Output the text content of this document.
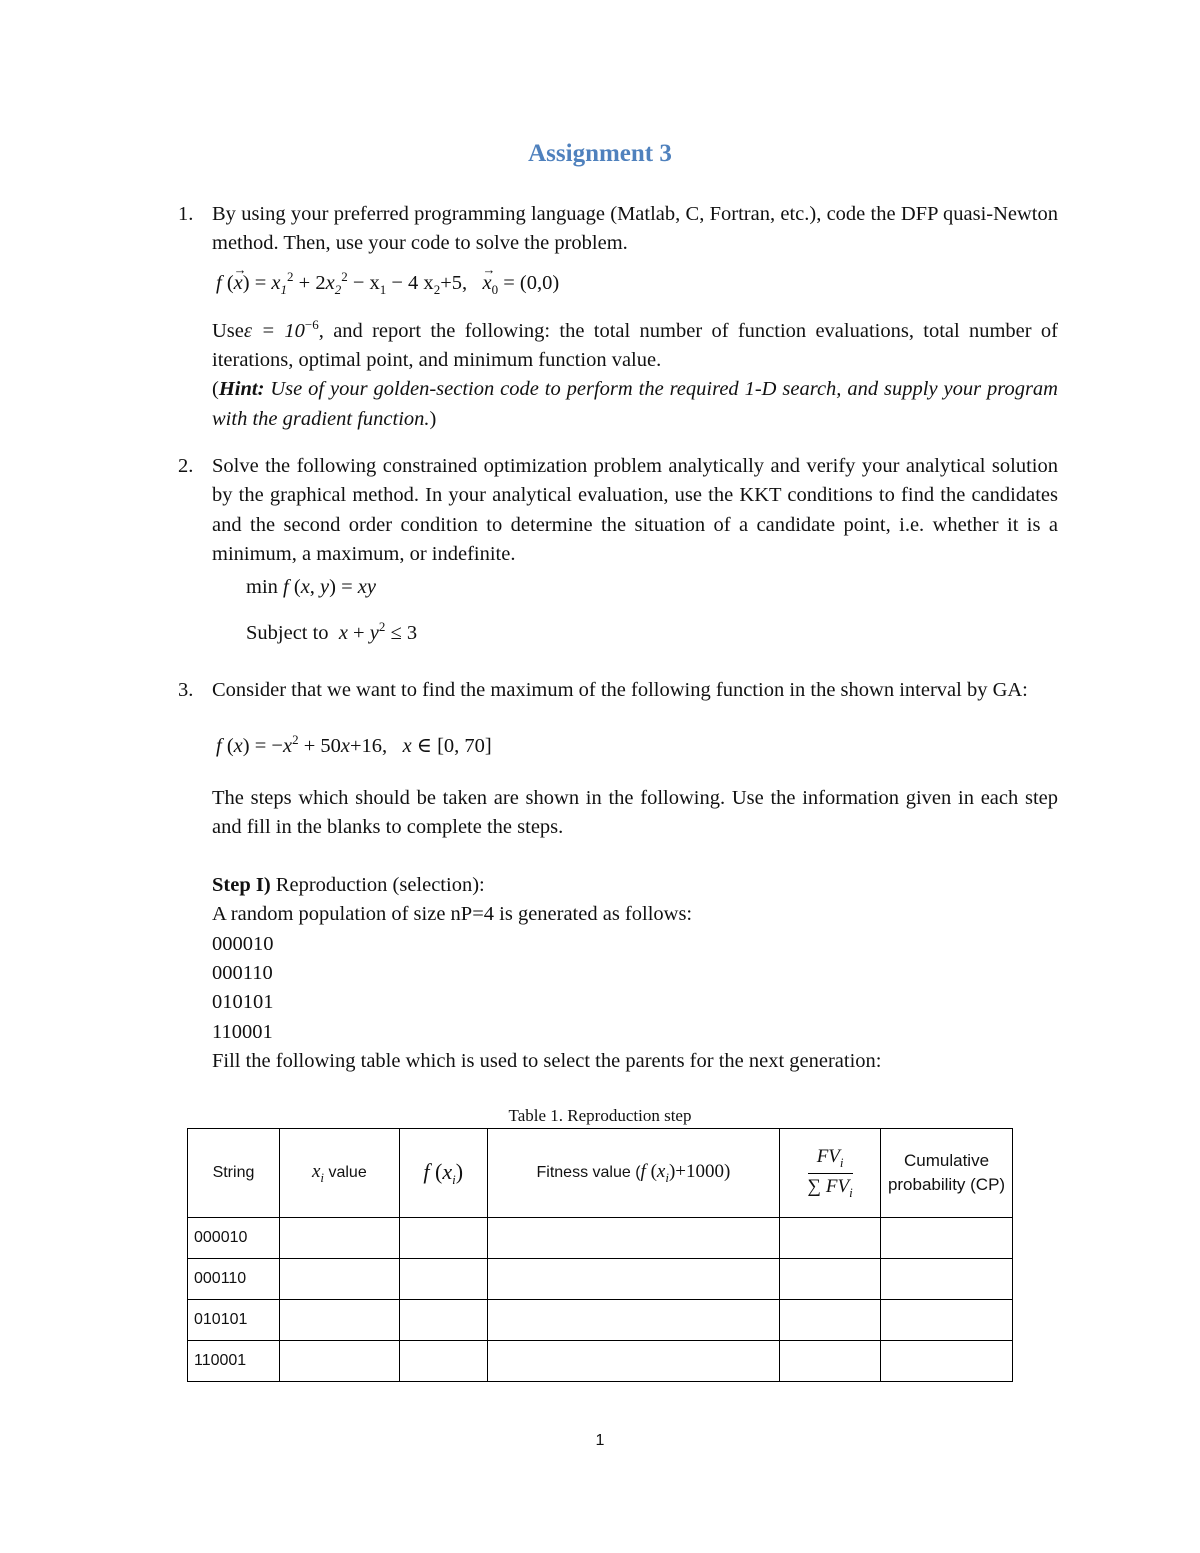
Assignment 3
1. By using your preferred programming language (Matlab, C, Fortran, etc.), code the DFP quasi-Newton method. Then, use your code to solve the problem.
f (→ $x) = x_1^2 + 2x_2^2 - x_1 - 4$ $x_2+5$, → $x_0 = (0,0)$
$Use\varepsilon = 10^{-6}$, and report the following: the total number of function evaluations, total number of iterations, optimal point, and minimum function value.
(Hint: Use of your golden-section code to perform the required 1-D search, and supply your program with the gradient function.)
2. Solve the following constrained optimization problem analytically and verify your analytical solution by the graphical method. In your analytical evaluation, use the KKT conditions to find the candidates and the second order condition to determine the situation of a candidate point, i.e. whether it is a minimum, a maximum, or indefinite.
min f (x, y) = xy
Subject to $x + y^2 \le 3$
3. Consider that we want to find the maximum of the following function in the shown interval by GA:
f $(x) = -x^2 + 50x+16$,   x ∈ [0, 70]
The steps which should be taken are shown in the following. Use the information given in each step and fill in the blanks to complete the steps.
Step I) Reproduction (selection):
A random population of size nP=4 is generated as follows:
000010
000110
010101
110001
Fill the following table which is used to select the parents for the next generation:
Table 1. Reproduction step
String	$x_i$ value	f $(x_i)$	Fitness value (f $(x_i)+1000$)	$\frac{FV_i}{\sum FV_i}$	Cumulative probability (CP)
000010					
000110					
010101					
110001					
1
